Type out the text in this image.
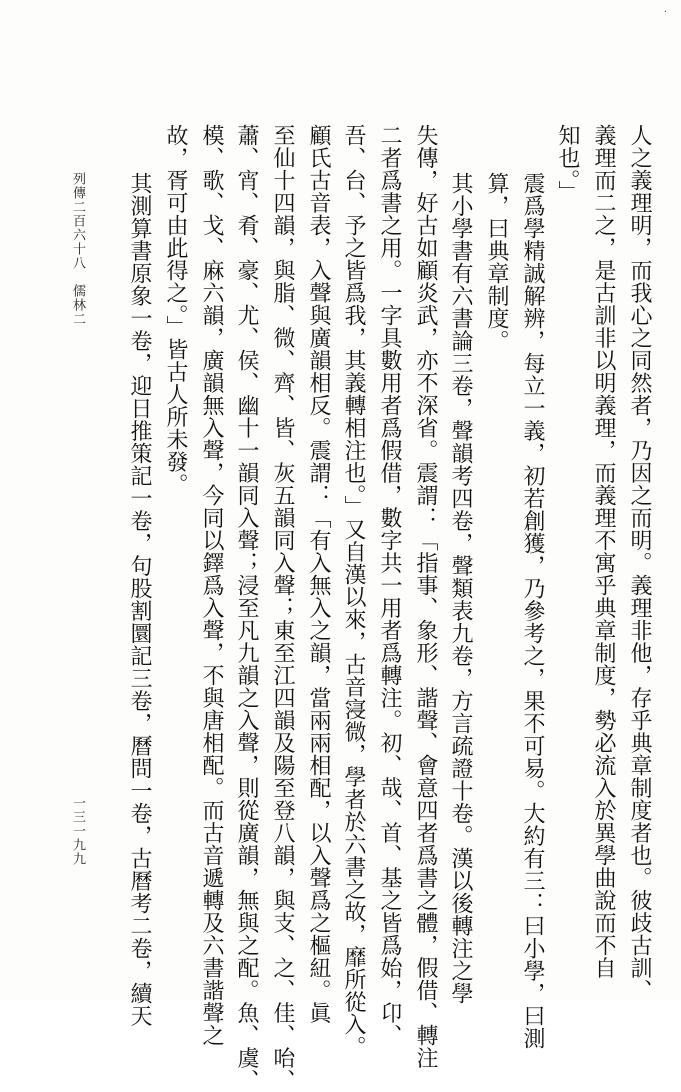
.
人之義理明，而我心之同然者，乃因之而明。義理非他，存乎典章制度者也。彼歧古訓、
義理而二之，是古訓非以明義理，而義理不寓乎典章制度，勢必流入於異學曲說而不自
知也。」
震爲學精誠解辨，每立一義，初若創獲，乃參考之，果不可易。大約有三：曰小學，曰測
算，曰典章制度。
其小學書有六書論三卷，聲韻考四卷，聲類表九卷，方言疏證十卷。漢以後轉注之學
失傳，好古如顧炎武，亦不深省。震謂：「指事、象形、諧聲、會意四者爲書之體，假借、轉注
二者爲書之用。一字具數用者爲假借，數字共一用者爲轉注。初、哉、首、基之皆爲始，卬、
吾、台、予之皆爲我，其義轉相注也。」又自漢以來，古音寖微，學者於六書之故，靡所從入。
顧氏古音表，入聲與廣韻相反。震謂：「有入無入之韻，當兩兩相配，以入聲爲之樞紐。眞
至仙十四韻，與脂、微、齊、皆、灰五韻同入聲；東至江四韻及陽至登八韻，與支、之、佳、咍、
蕭、宵、肴、豪、尤、侯、幽十一韻同入聲；浸至凡九韻之入聲，則從廣韻，無與之配。魚、虞、
模、歌、戈、麻六韻，廣韻無入聲，今同以鐸爲入聲，不與唐相配。而古音遞轉及六書諧聲之
故，胥可由此得之。」皆古人所未發。
其測算書原象一卷，迎日推策記一卷，句股割圜記三卷，曆問一卷，古曆考二卷，續天
列傳二百六十八　儒林二
一三一九九
